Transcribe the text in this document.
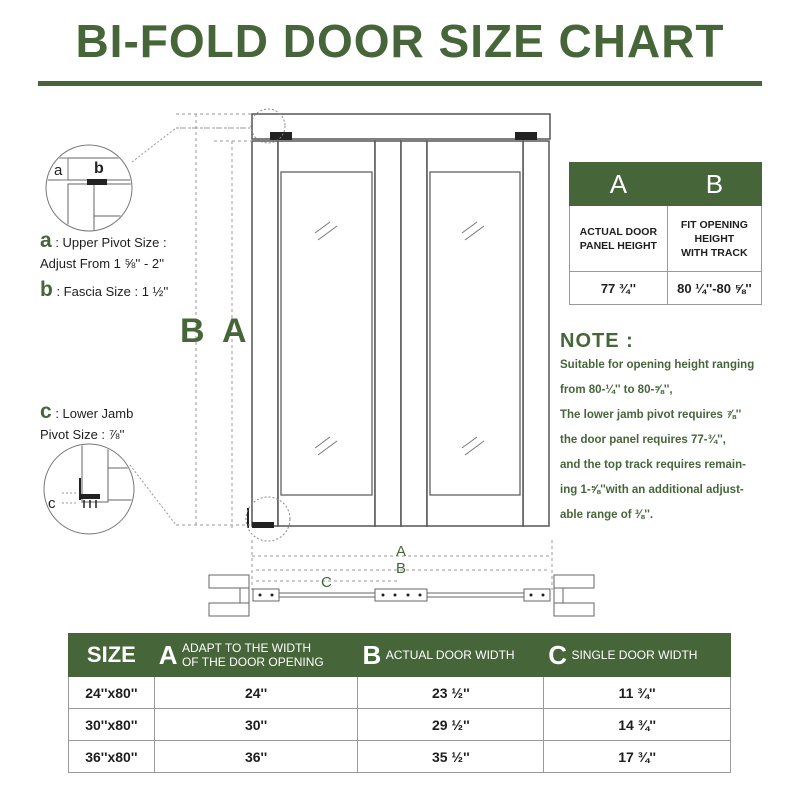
BI-FOLD DOOR SIZE CHART
a b
c
A
B
C
B A
a : Upper Pivot Size :
Adjust From 1 ⅝'' - 2''
b : Fascia Size : 1 ½''
c : Lower Jamb
Pivot Size : ⅞''
A	B
ACTUAL DOOR
PANEL HEIGHT	FIT OPENING
HEIGHT
WITH TRACK
77 ¾''	80 ¼''-80 ⅝''
NOTE :
Suitable for opening height ranging
from 80-¼'' to 80-⅝'',
The lower jamb pivot requires ⅞''
the door panel requires 77-¾'',
and the top track requires remain-
ing 1-⅝''with an additional adjust-
able range of ⅜''.
SIZE	A ADAPT TO THE WIDTH
OF THE DOOR OPENING	B ACTUAL DOOR WIDTH	C SINGLE DOOR WIDTH
24''x80''	24''	23 ½''	11 ¾''
30''x80''	30''	29 ½''	14 ¾''
36''x80''	36''	35 ½''	17 ¾''
